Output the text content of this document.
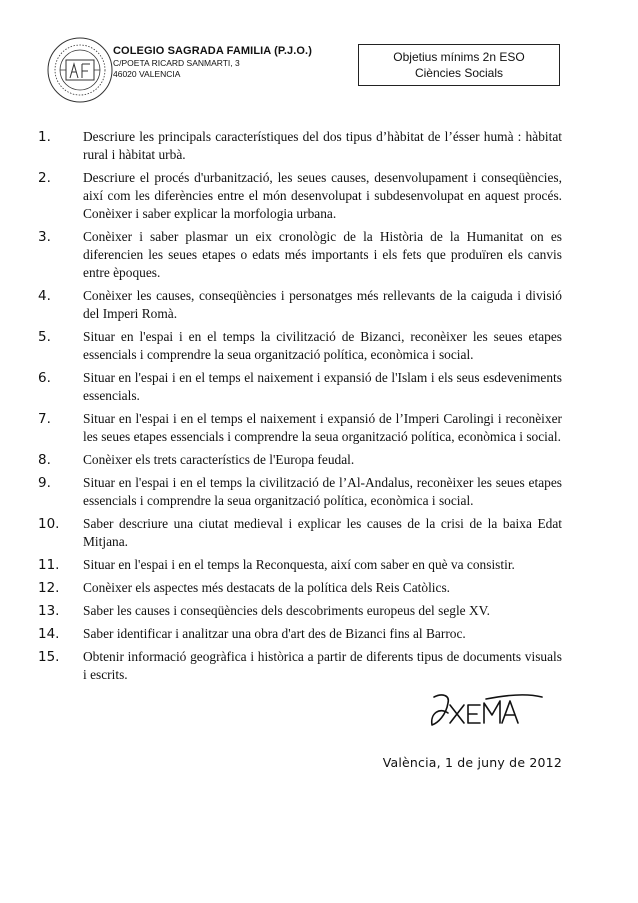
COLEGIO SAGRADA FAMILIA (P.J.O.)
C/POETA RICARD SANMARTI, 3
46020 VALENCIA
Objetius mínims 2n ESO
Ciències Socials
1.	Descriure les principals característiques del dos tipus d’hàbitat de l’ésser humà : hàbitat rural i hàbitat urbà.
2.	Descriure el procés d'urbanització, les seues causes, desenvolupament i conseqüències, així com les diferències entre el món desenvolupat i subdesenvolupat en aquest procés. Conèixer i saber explicar la morfologia urbana.
3.	Conèixer i saber plasmar un eix cronològic de la Història de la Humanitat on es diferencien les seues etapes o edats més importants i els fets que produïren els canvis entre èpoques.
4.	Conèixer les causes, conseqüències i personatges més rellevants de la caiguda i divisió del Imperi Romà.
5.	Situar en l'espai i en el temps la civilització de Bizanci, reconèixer les seues etapes essencials i comprendre la seua organització política, econòmica i social.
6.	Situar en l'espai i en el temps el naixement i expansió de l'Islam i els seus esdeveniments essencials.
7.	Situar en l'espai i en el temps el naixement i expansió de l’Imperi Carolingi i reconèixer les seues etapes essencials i comprendre la seua organització política, econòmica i social.
8.	Conèixer els trets característics de l'Europa feudal.
9.	Situar en l'espai i en el temps la civilització de l’Al-Andalus, reconèixer les seues etapes essencials i comprendre la seua organització política, econòmica i social.
10.	Saber descriure una ciutat medieval i explicar les causes de la crisi de la baixa Edat Mitjana.
11.	Situar en l'espai i en el temps la Reconquesta, així com saber en què va consistir.
12.	Conèixer els aspectes més destacats de la política dels Reis Catòlics.
13.	Saber les causes i conseqüències dels descobriments europeus del segle XV.
14.	Saber identificar i analitzar una obra d'art des de Bizanci fins al Barroc.
15.	Obtenir informació geogràfica i històrica a partir de diferents tipus de documents visuals i escrits.
València, 1 de juny de 2012
